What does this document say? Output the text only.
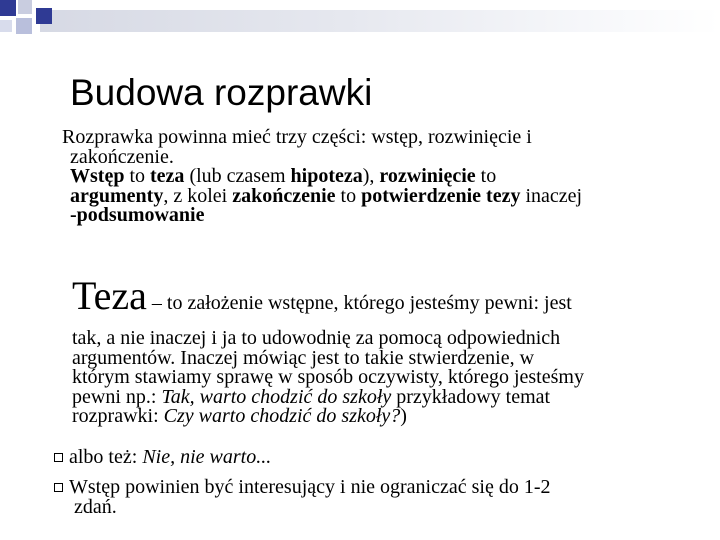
Budowa rozprawki
Rozprawka powinna mieć trzy części: wstęp, rozwinięcie i
zakończenie.
Wstęp to teza (lub czasem hipoteza), rozwinięcie to
argumenty, z kolei zakończenie to potwierdzenie tezy inaczej
-podsumowanie
Teza – to założenie wstępne, którego jesteśmy pewni: jest
tak, a nie inaczej i ja to udowodnię za pomocą odpowiednich
argumentów. Inaczej mówiąc jest to takie stwierdzenie, w
którym stawiamy sprawę w sposób oczywisty, którego jesteśmy
pewni np.: Tak, warto chodzić do szkoły przykładowy temat
rozprawki: Czy warto chodzić do szkoły?)
albo też: Nie, nie warto...
Wstęp powinien być interesujący i nie ograniczać się do 1-2
zdań.
